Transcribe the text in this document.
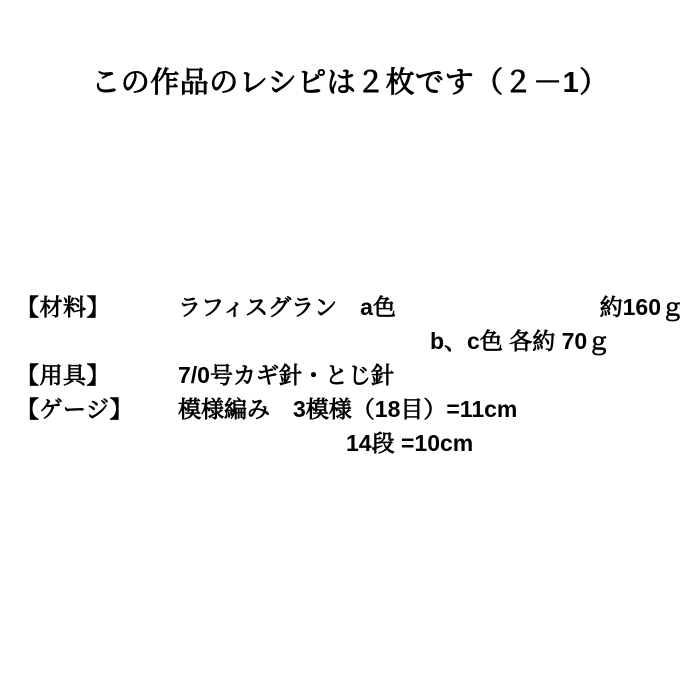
この作品のレシピは２枚です（２－1）
【材料】	ラフィスグラン　a色	約160ｇ
b、c色 各約 70ｇ
【用具】	7/0号カギ針・とじ針
【ゲージ】	模様編み　3模様（18目）=11cm
14段 =10cm
